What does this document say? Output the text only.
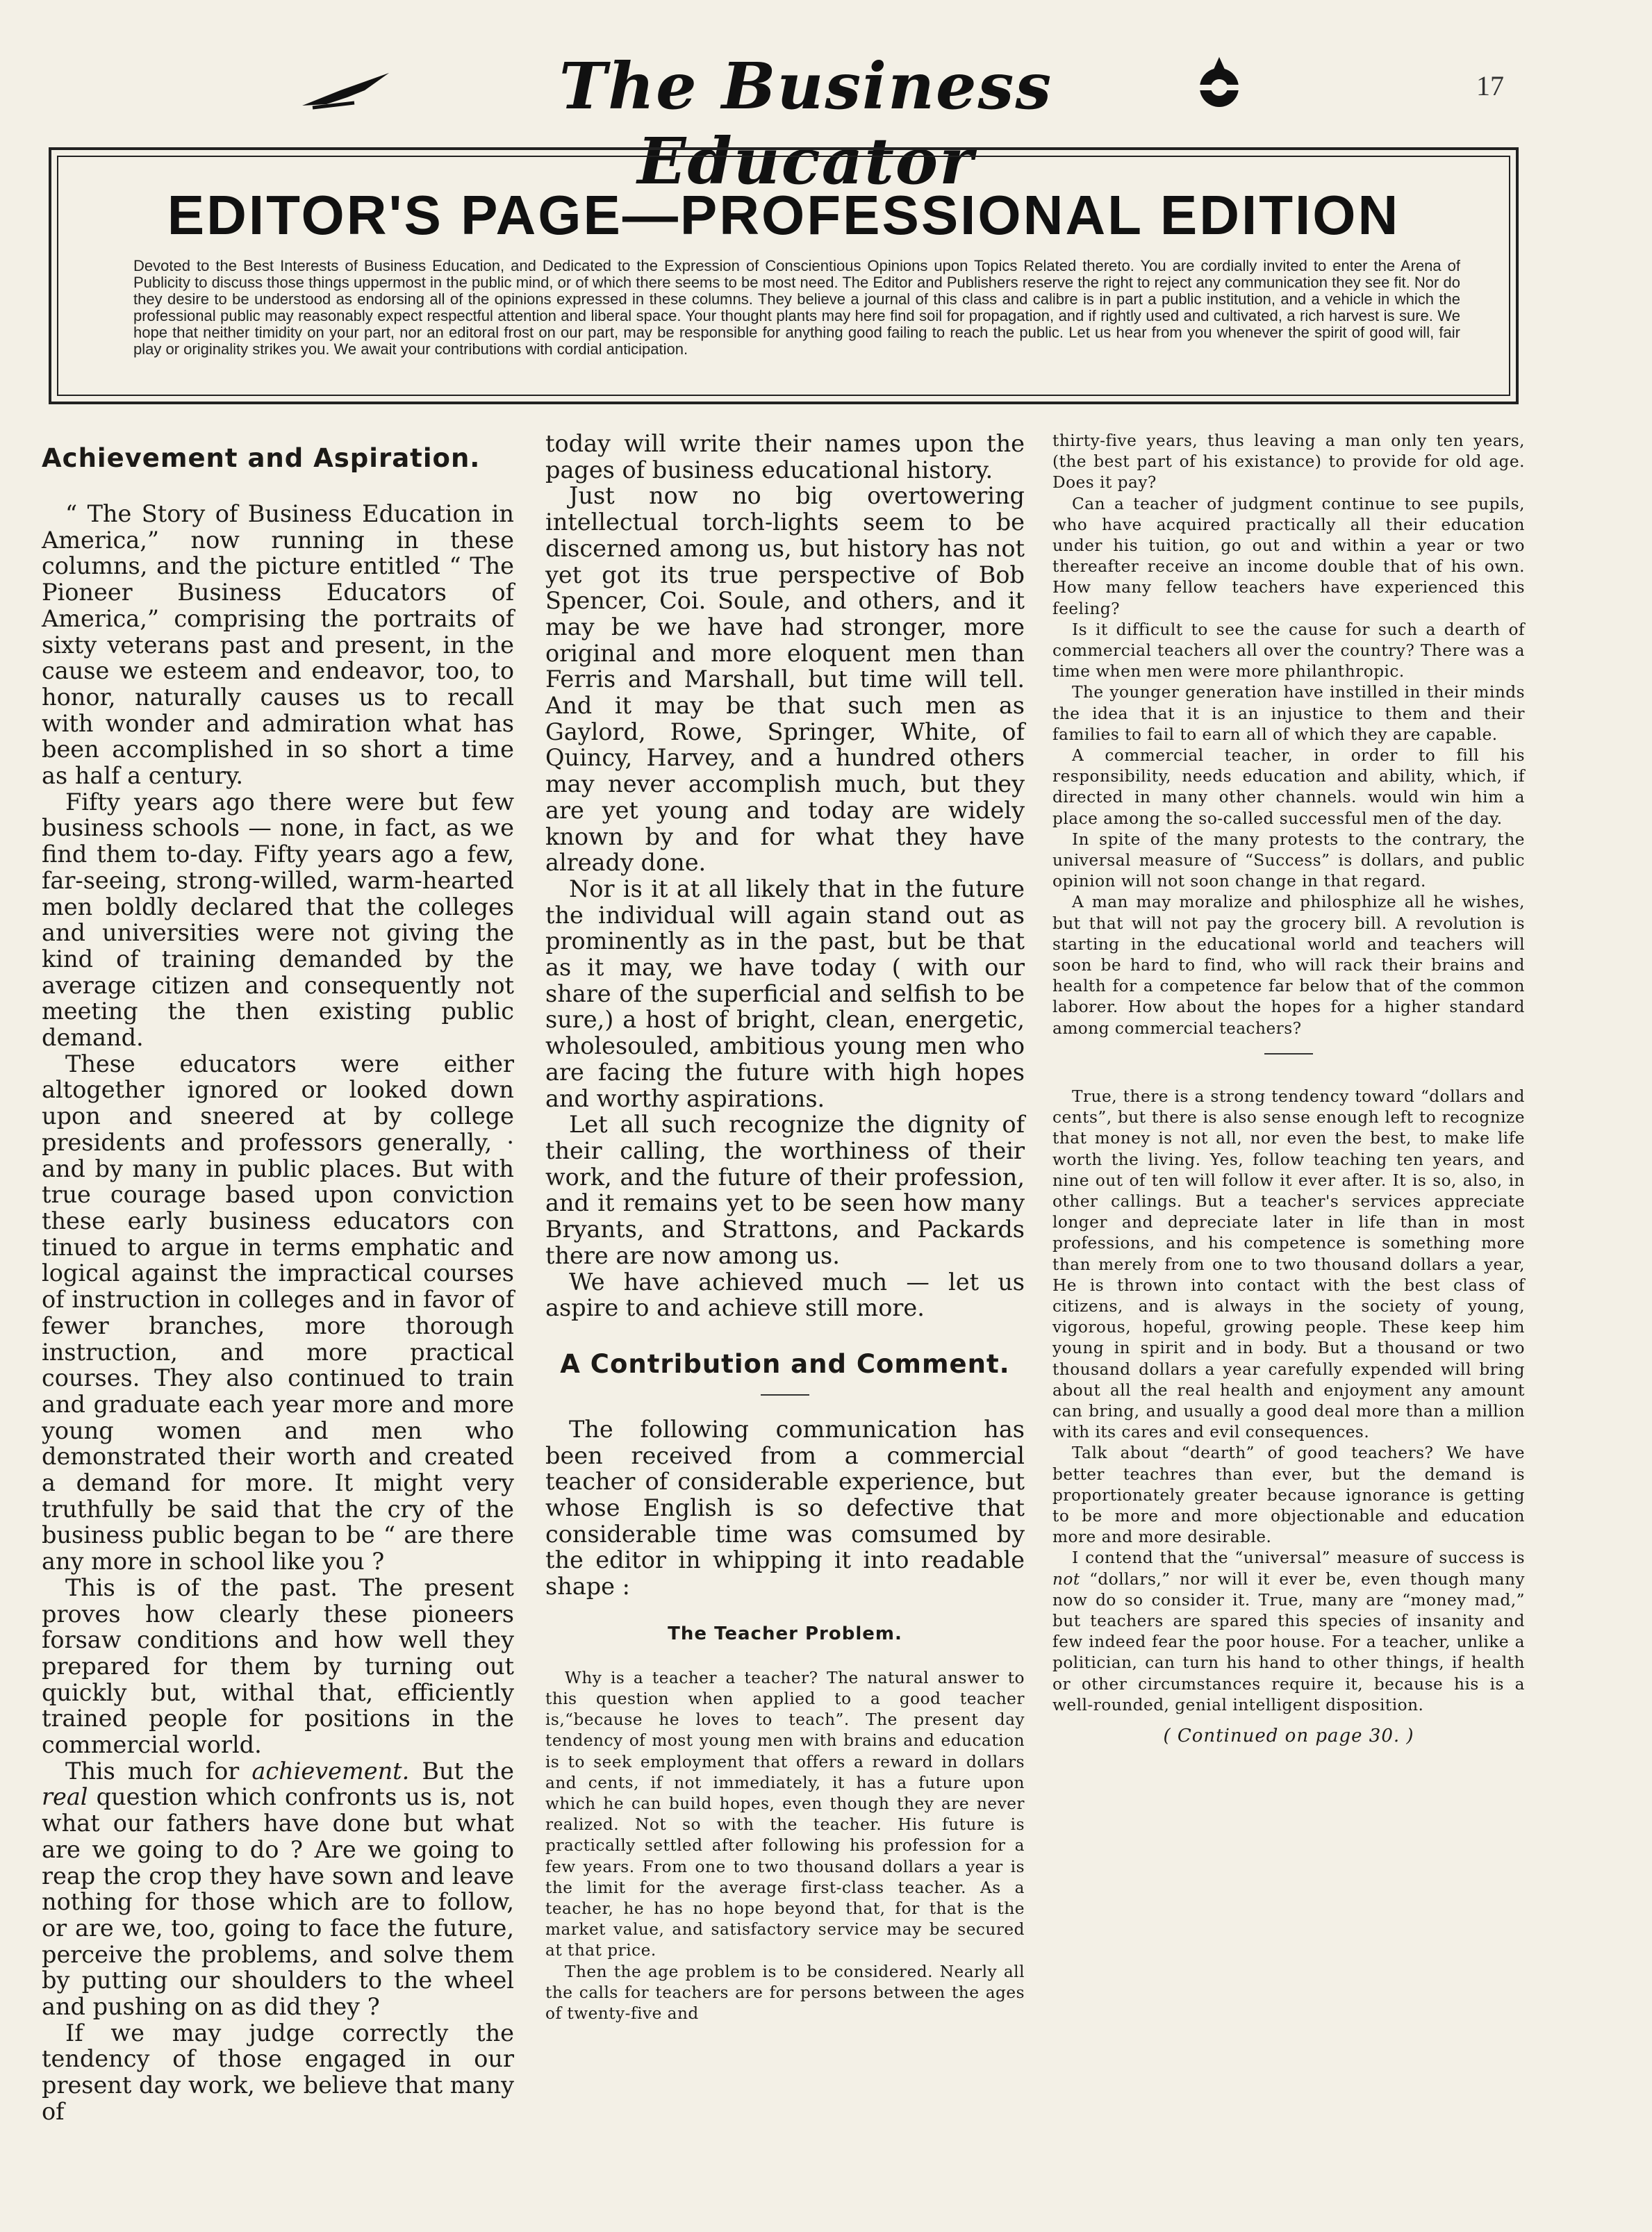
The Business Educator
17
EDITOR'S PAGE—PROFESSIONAL EDITION
Devoted to the Best Interests of Business Education, and Dedicated to the Expression of Conscientious Opinions upon Topics Related thereto. You are cordially invited to enter the Arena of Publicity to discuss those things uppermost in the public mind, or of which there seems to be most need. The Editor and Publishers reserve the right to reject any communication they see fit. Nor do they desire to be understood as endorsing all of the opinions expressed in these columns. They believe a journal of this class and calibre is in part a public institution, and a vehicle in which the professional public may reasonably expect respectful attention and liberal space. Your thought plants may here find soil for propagation, and if rightly used and cultivated, a rich harvest is sure. We hope that neither timidity on your part, nor an editoral frost on our part, may be responsible for anything good failing to reach the public. Let us hear from you whenever the spirit of good will, fair play or originality strikes you. We await your contributions with cordial anticipation.
Achievement and Aspiration.

“ The Story of Business Education in America,” now running in these columns, and the picture entitled “ The Pioneer Business Educators of America,” comprising the portraits of sixty veterans past and present, in the cause we esteem and endeavor, too, to honor, naturally causes us to recall with wonder and admiration what has been accomplished in so short a time as half a century.

Fifty years ago there were but few business schools — none, in fact, as we find them to-day. Fifty years ago a few, far-seeing, strong-willed, warm-hearted men boldly declared that the colleges and universities were not giving the kind of training demanded by the average citizen and consequently not meeting the then existing public demand.

These educators were either altogether ignored or looked down upon and sneered at by college presidents and professors generally, · and by many in public places. But with true courage based upon conviction these early business educators con tinued to argue in terms emphatic and logical against the impractical courses of instruction in colleges and in favor of fewer branches, more thorough instruction, and more practical courses. They also continued to train and graduate each year more and more young women and men who demonstrated their worth and created a demand for more. It might very truthfully be said that the cry of the business public began to be “ are there any more in school like you ?

This is of the past. The present proves how clearly these pioneers forsaw conditions and how well they prepared for them by turning out quickly but, withal that, efficiently trained people for positions in the commercial world.

This much for achievement. But the real question which confronts us is, not what our fathers have done but what are we going to do ? Are we going to reap the crop they have sown and leave nothing for those which are to follow, or are we, too, going to face the future, perceive the problems, and solve them by putting our shoulders to the wheel and pushing on as did they ?

If we may judge correctly the tendency of those engaged in our present day work, we believe that many of

today will write their names upon the pages of business educational history.

Just now no big overtowering intellectual torch-lights seem to be discerned among us, but history has not yet got its true perspective of Bob Spencer, Coi. Soule, and others, and it may be we have had stronger, more original and more eloquent men than Ferris and Marshall, but time will tell. And it may be that such men as Gaylord, Rowe, Springer, White, of Quincy, Harvey, and a hundred others may never accomplish much, but they are yet young and today are widely known by and for what they have already done.

Nor is it at all likely that in the future the individual will again stand out as prominently as in the past, but be that as it may, we have today ( with our share of the superficial and selfish to be sure,) a host of bright, clean, energetic, wholesouled, ambitious young men who are facing the future with high hopes and worthy aspirations.

Let all such recognize the dignity of their calling, the worthiness of their work, and the future of their profession, and it remains yet to be seen how many Bryants, and Strattons, and Packards there are now among us.

We have achieved much — let us aspire to and achieve still more.

A Contribution and Comment.

The following communication has been received from a commercial teacher of considerable experience, but whose English is so defective that considerable time was comsumed by the editor in whipping it into readable shape :

The Teacher Problem.

Why is a teacher a teacher? The natural answer to this question when applied to a good teacher is,“because he loves to teach”. The present day tendency of most young men with brains and education is to seek employment that offers a reward in dollars and cents, if not immediately, it has a future upon which he can build hopes, even though they are never realized. Not so with the teacher. His future is practically settled after following his profession for a few years. From one to two thousand dollars a year is the limit for the average first-class teacher. As a teacher, he has no hope beyond that, for that is the market value, and satisfactory service may be secured at that price.

Then the age problem is to be considered. Nearly all the calls for teachers are for persons between the ages of twenty-five and

thirty-five years, thus leaving a man only ten years, (the best part of his existance) to provide for old age. Does it pay?

Can a teacher of judgment continue to see pupils, who have acquired practically all their education under his tuition, go out and within a year or two thereafter receive an income double that of his own. How many fellow teachers have experienced this feeling?

Is it difficult to see the cause for such a dearth of commercial teachers all over the country? There was a time when men were more philanthropic.

The younger generation have instilled in their minds the idea that it is an injustice to them and their families to fail to earn all of which they are capable.

A commercial teacher, in order to fill his responsibility, needs education and ability, which, if directed in many other channels. would win him a place among the so-called successful men of the day.

In spite of the many protests to the contrary, the universal measure of “Success” is dollars, and public opinion will not soon change in that regard.

A man may moralize and philosphize all he wishes, but that will not pay the grocery bill. A revolution is starting in the educational world and teachers will soon be hard to find, who will rack their brains and health for a competence far below that of the common laborer. How about the hopes for a higher standard among commercial teachers?

True, there is a strong tendency toward “dollars and cents”, but there is also sense enough left to recognize that money is not all, nor even the best, to make life worth the living. Yes, follow teaching ten years, and nine out of ten will follow it ever after. It is so, also, in other callings. But a teacher's services appreciate longer and depreciate later in life than in most professions, and his competence is something more than merely from one to two thousand dollars a year, He is thrown into contact with the best class of citizens, and is always in the society of young, vigorous, hopeful, growing people. These keep him young in spirit and in body. But a thousand or two thousand dollars a year carefully expended will bring about all the real health and enjoyment any amount can bring, and usually a good deal more than a million with its cares and evil consequences.

Talk about “dearth” of good teachers? We have better teachres than ever, but the demand is proportionately greater because ignorance is getting to be more and more objectionable and education more and more desirable.

I contend that the “universal” measure of success is not “dollars,” nor will it ever be, even though many now do so consider it. True, many are “money mad,” but teachers are spared this species of insanity and few indeed fear the poor house. For a teacher, unlike a politician, can turn his hand to other things, if health or other circumstances require it, because his is a well-rounded, genial intelligent disposition.

( Continued on page 30. )
